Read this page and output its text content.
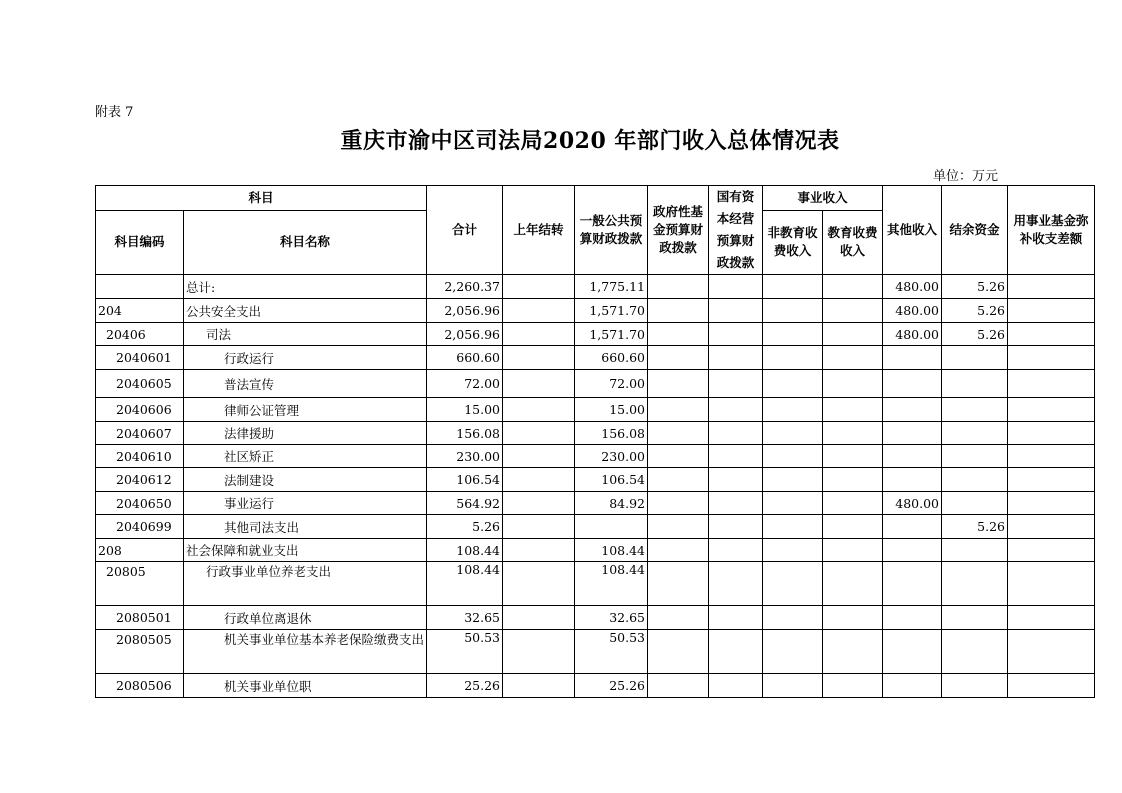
附表 7
重庆市渝中区司法局2020 年部门收入总体情况表
单位：万元
科目		合计	上年结转	一般公共预算财政拨款	政府性基金预算财政拨款	国有资本经营预算财政拨款	事业收入		其他收入	结余资金	用事业基金弥补收支差额
科目编码	科目名称						非教育收费收入	教育收费收入			
	总计:	2,260.37		1,775.11					480.00	5.26	
204	公共安全支出	2,056.96		1,571.70					480.00	5.26	
20406	司法	2,056.96		1,571.70					480.00	5.26	
2040601	行政运行	660.60		660.60							
2040605	普法宣传	72.00		72.00							
2040606	律师公证管理	15.00		15.00							
2040607	法律援助	156.08		156.08							
2040610	社区矫正	230.00		230.00							
2040612	法制建设	106.54		106.54							
2040650	事业运行	564.92		84.92					480.00		
2040699	其他司法支出	5.26								5.26	
208	社会保障和就业支出	108.44		108.44							
20805	行政事业单位养老支出	108.44		108.44							
2080501	行政单位离退休	32.65		32.65							
2080505	机关事业单位基本养老保险缴费支出	50.53		50.53							
2080506	机关事业单位职	25.26		25.26							
